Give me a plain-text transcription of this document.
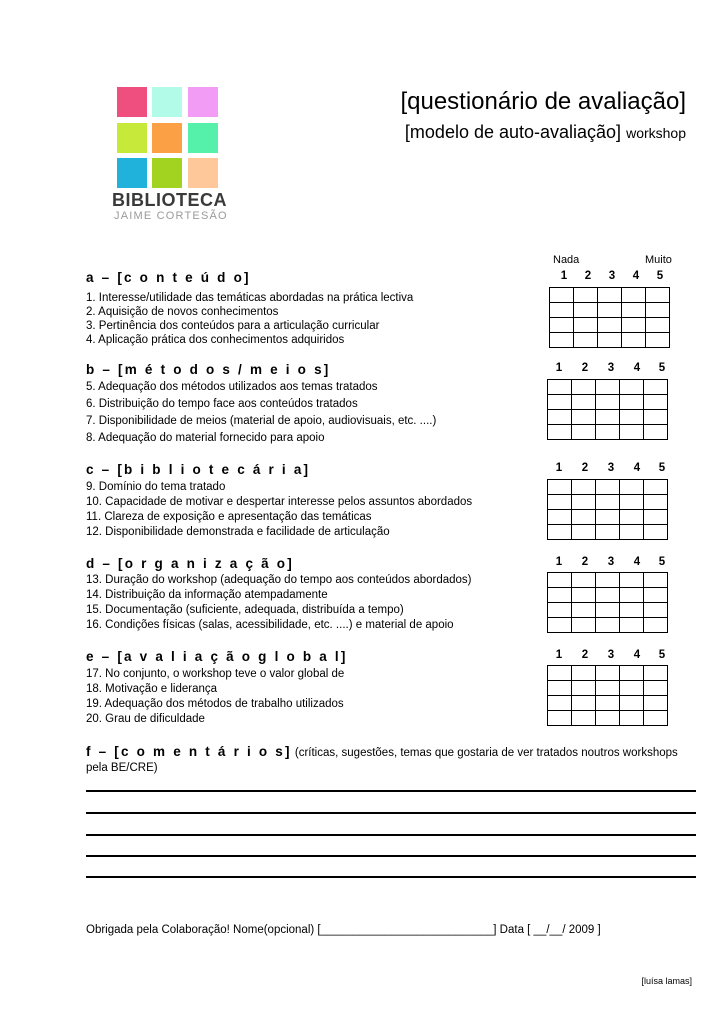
BIBLIOTECA
JAIME CORTESÃO
[questionário de avaliação]
[modelo de auto-avaliação] workshop
Nada	Muito
a – [c o n t e ú d o]	1	2	3	4	5
1. Interesse/utilidade das temáticas abordadas na prática lectiva
2. Aquisição de novos conhecimentos
3. Pertinência dos conteúdos para a articulação curricular
4. Aplicação prática dos conhecimentos adquiridos

b – [m é t o d o s / m e i o s]	1	2	3	4	5
5. Adequação dos métodos utilizados aos temas tratados
6. Distribuição do tempo face aos conteúdos tratados
7. Disponibilidade de meios (material de apoio, audiovisuais, etc. ....)
8. Adequação do material fornecido para apoio

c – [b i b l i o t e c á r i a]	1	2	3	4	5
9. Domínio do tema tratado
10. Capacidade de motivar e despertar interesse pelos assuntos abordados
11. Clareza de exposição e apresentação das temáticas
12. Disponibilidade demonstrada e facilidade de articulação

d – [o r g a n i z a ç ã o]	1	2	3	4	5
13. Duração do workshop (adequação do tempo aos conteúdos abordados)
14. Distribuição da informação atempadamente
15. Documentação (suficiente, adequada, distribuída a tempo)
16. Condições físicas (salas, acessibilidade, etc. ....) e material de apoio

e – [a v a l i a ç ã o g l o b a l]	1	2	3	4	5
17. No conjunto, o workshop teve o valor global de
18. Motivação e liderança
19. Adequação dos métodos de trabalho utilizados
20. Grau de dificuldade

f – [c o m e n t á r i o s] (críticas, sugestões, temas que gostaria de ver tratados noutros workshops pela BE/CRE)
Obrigada pela Colaboração! Nome(opcional) [___________________________] Data [ __/__/ 2009 ]
[luísa lamas]
